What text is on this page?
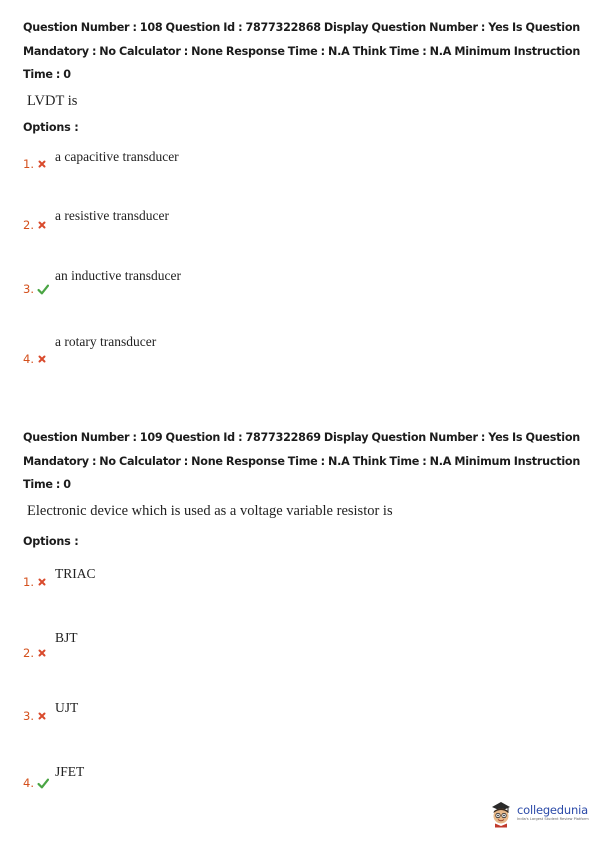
Question Number : 108 Question Id : 7877322868 Display Question Number : Yes Is Question
Mandatory : No Calculator : None Response Time : N.A Think Time : N.A Minimum Instruction
Time : 0
LVDT is
Options :
1. a capacitive transducer
2.
a resistive transducer
3.
an inductive transducer
4.
a rotary transducer
Question Number : 109 Question Id : 7877322869 Display Question Number : Yes Is Question
Mandatory : No Calculator : None Response Time : N.A Think Time : N.A Minimum Instruction
Time : 0
Electronic device which is used as a voltage variable resistor is
Options :
1.
TRIAC
2.
BJT
3.
UJT
4.
JFET
collegedunia
India's Largest Student Review Platform
